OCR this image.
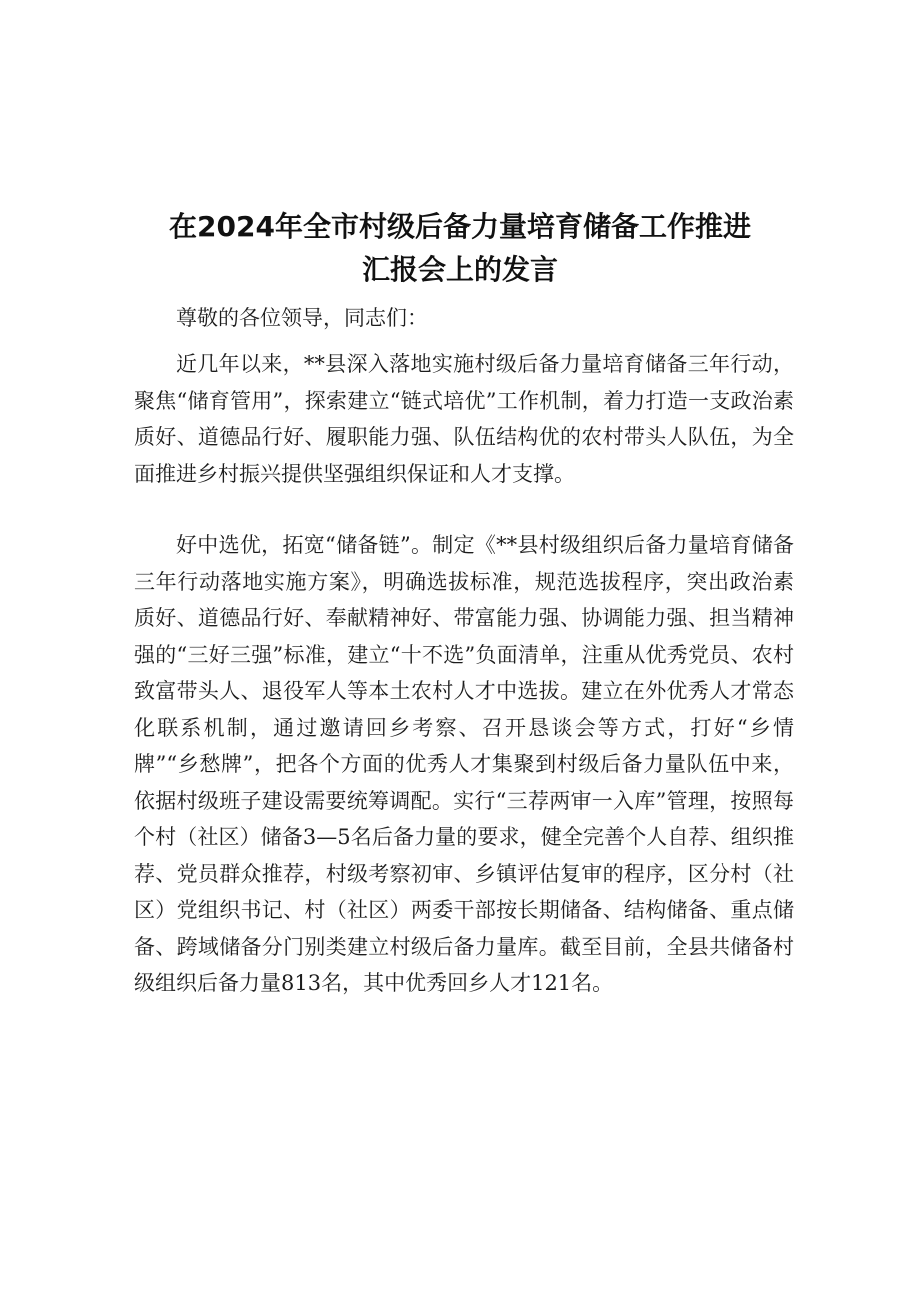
在2024年全市村级后备力量培育储备工作推进
汇报会上的发言

尊敬的各位领导，同志们：

近几年以来，**县深入落地实施村级后备力量培育储备三年行动，聚焦“储育管用”，探索建立“链式培优”工作机制，着力打造一支政治素质好、道德品行好、履职能力强、队伍结构优的农村带头人队伍，为全面推进乡村振兴提供坚强组织保证和人才支撑。

好中选优，拓宽“储备链”。制定《**县村级组织后备力量培育储备三年行动落地实施方案》，明确选拔标准，规范选拔程序，突出政治素质好、道德品行好、奉献精神好、带富能力强、协调能力强、担当精神强的“三好三强”标准，建立“十不选”负面清单，注重从优秀党员、农村致富带头人、退役军人等本土农村人才中选拔。建立在外优秀人才常态化联系机制，通过邀请回乡考察、召开恳谈会等方式，打好“乡情牌”“乡愁牌”，把各个方面的优秀人才集聚到村级后备力量队伍中来，依据村级班子建设需要统筹调配。实行“三荐两审一入库”管理，按照每个村（社区）储备3—5名后备力量的要求，健全完善个人自荐、组织推荐、党员群众推荐，村级考察初审、乡镇评估复审的程序，区分村（社区）党组织书记、村（社区）两委干部按长期储备、结构储备、重点储备、跨域储备分门别类建立村级后备力量库。截至目前，全县共储备村级组织后备力量813名，其中优秀回乡人才121名。
